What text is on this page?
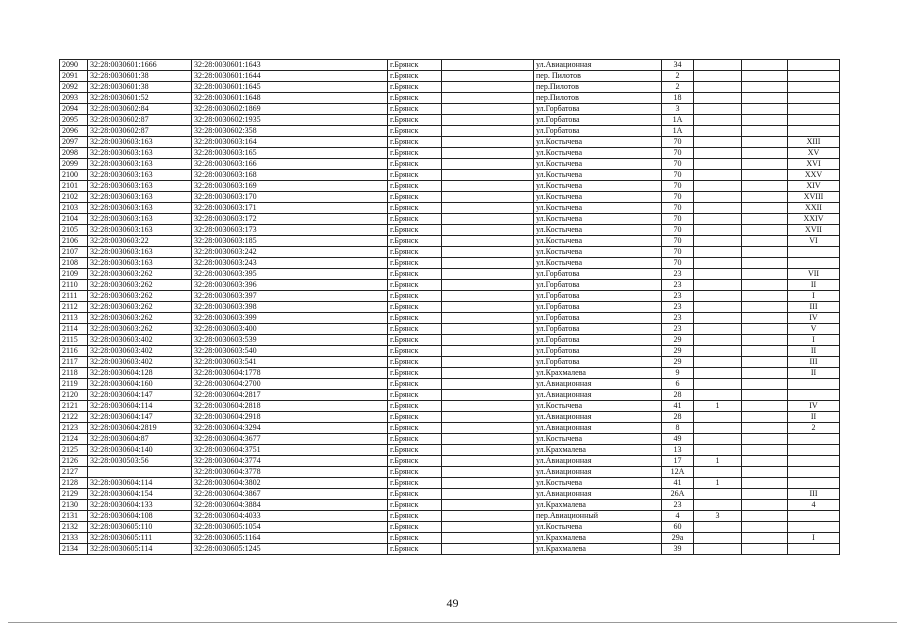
2090	32:28:0030601:1666	32:28:0030601:1643	г.Брянск		ул.Авиационная	34			
2091	32:28:0030601:38	32:28:0030601:1644	г.Брянск		пер. Пилотов	2			
2092	32:28:0030601:38	32:28:0030601:1645	г.Брянск		пер.Пилотов	2			
2093	32:28:0030601:52	32:28:0030601:1648	г.Брянск		пер.Пилотов	18			
2094	32:28:0030602:84	32:28:0030602:1869	г.Брянск		ул.Горбатова	3			
2095	32:28:0030602:87	32:28:0030602:1935	г.Брянск		ул.Горбатова	1А			
2096	32:28:0030602:87	32:28:0030602:358	г.Брянск		ул.Горбатова	1А			
2097	32:28:0030603:163	32:28:0030603:164	г.Брянск		ул.Костычева	70			XIII
2098	32:28:0030603:163	32:28:0030603:165	г.Брянск		ул.Костычева	70			XV
2099	32:28:0030603:163	32:28:0030603:166	г.Брянск		ул.Костычева	70			XVI
2100	32:28:0030603:163	32:28:0030603:168	г.Брянск		ул.Костычева	70			XXV
2101	32:28:0030603:163	32:28:0030603:169	г.Брянск		ул.Костычева	70			XIV
2102	32:28:0030603:163	32:28:0030603:170	г.Брянск		ул.Костычева	70			XVIII
2103	32:28:0030603:163	32:28:0030603:171	г.Брянск		ул.Костычева	70			XXII
2104	32:28:0030603:163	32:28:0030603:172	г.Брянск		ул.Костычева	70			XXIV
2105	32:28:0030603:163	32:28:0030603:173	г.Брянск		ул.Костычева	70			XVII
2106	32:28:0030603:22	32:28:0030603:185	г.Брянск		ул.Костычева	70			VI
2107	32:28:0030603:163	32:28:0030603:242	г.Брянск		ул.Костычева	70			
2108	32:28:0030603:163	32:28:0030603:243	г.Брянск		ул.Костычева	70			
2109	32:28:0030603:262	32:28:0030603:395	г.Брянск		ул.Горбатова	23			VII
2110	32:28:0030603:262	32:28:0030603:396	г.Брянск		ул.Горбатова	23			II
2111	32:28:0030603:262	32:28:0030603:397	г.Брянск		ул.Горбатова	23			I
2112	32:28:0030603:262	32:28:0030603:398	г.Брянск		ул.Горбатова	23			III
2113	32:28:0030603:262	32:28:0030603:399	г.Брянск		ул.Горбатова	23			IV
2114	32:28:0030603:262	32:28:0030603:400	г.Брянск		ул.Горбатова	23			V
2115	32:28:0030603:402	32:28:0030603:539	г.Брянск		ул.Горбатова	29			I
2116	32:28:0030603:402	32:28:0030603:540	г.Брянск		ул.Горбатова	29			II
2117	32:28:0030603:402	32:28:0030603:541	г.Брянск		ул.Горбатова	29			III
2118	32:28:0030604:128	32:28:0030604:1778	г.Брянск		ул.Крахмалева	9			II
2119	32:28:0030604:160	32:28:0030604:2700	г.Брянск		ул.Авиационная	6			
2120	32:28:0030604:147	32:28:0030604:2817	г.Брянск		ул.Авиационная	28			
2121	32:28:0030604:114	32:28:0030604:2818	г.Брянск		ул.Костычева	41	1		IV
2122	32:28:0030604:147	32:28:0030604:2918	г.Брянск		ул.Авиационная	28			II
2123	32:28:0030604:2819	32:28:0030604:3294	г.Брянск		ул.Авиационная	8			2
2124	32:28:0030604:87	32:28:0030604:3677	г.Брянск		ул.Костычева	49			
2125	32:28:0030604:140	32:28:0030604:3751	г.Брянск		ул.Крахмалева	13			
2126	32:28:0030503:56	32:28:0030604:3774	г.Брянск		ул.Авиационная	17	1		
2127		32:28:0030604:3778	г.Брянск		ул.Авиационная	12А			
2128	32:28:0030604:114	32:28:0030604:3802	г.Брянск		ул.Костычева	41	1		
2129	32:28:0030604:154	32:28:0030604:3867	г.Брянск		ул.Авиационная	26А			III
2130	32:28:0030604:133	32:28:0030604:3884	г.Брянск		ул.Крахмалева	23			4
2131	32:28:0030604:108	32:28:0030604:4033	г.Брянск		пер.Авиационный	4	3		
2132	32:28:0030605:110	32:28:0030605:1054	г.Брянск		ул.Костычева	60			
2133	32:28:0030605:111	32:28:0030605:1164	г.Брянск		ул.Крахмалева	29а			I
2134	32:28:0030605:114	32:28:0030605:1245	г.Брянск		ул.Крахмалева	39			
49
